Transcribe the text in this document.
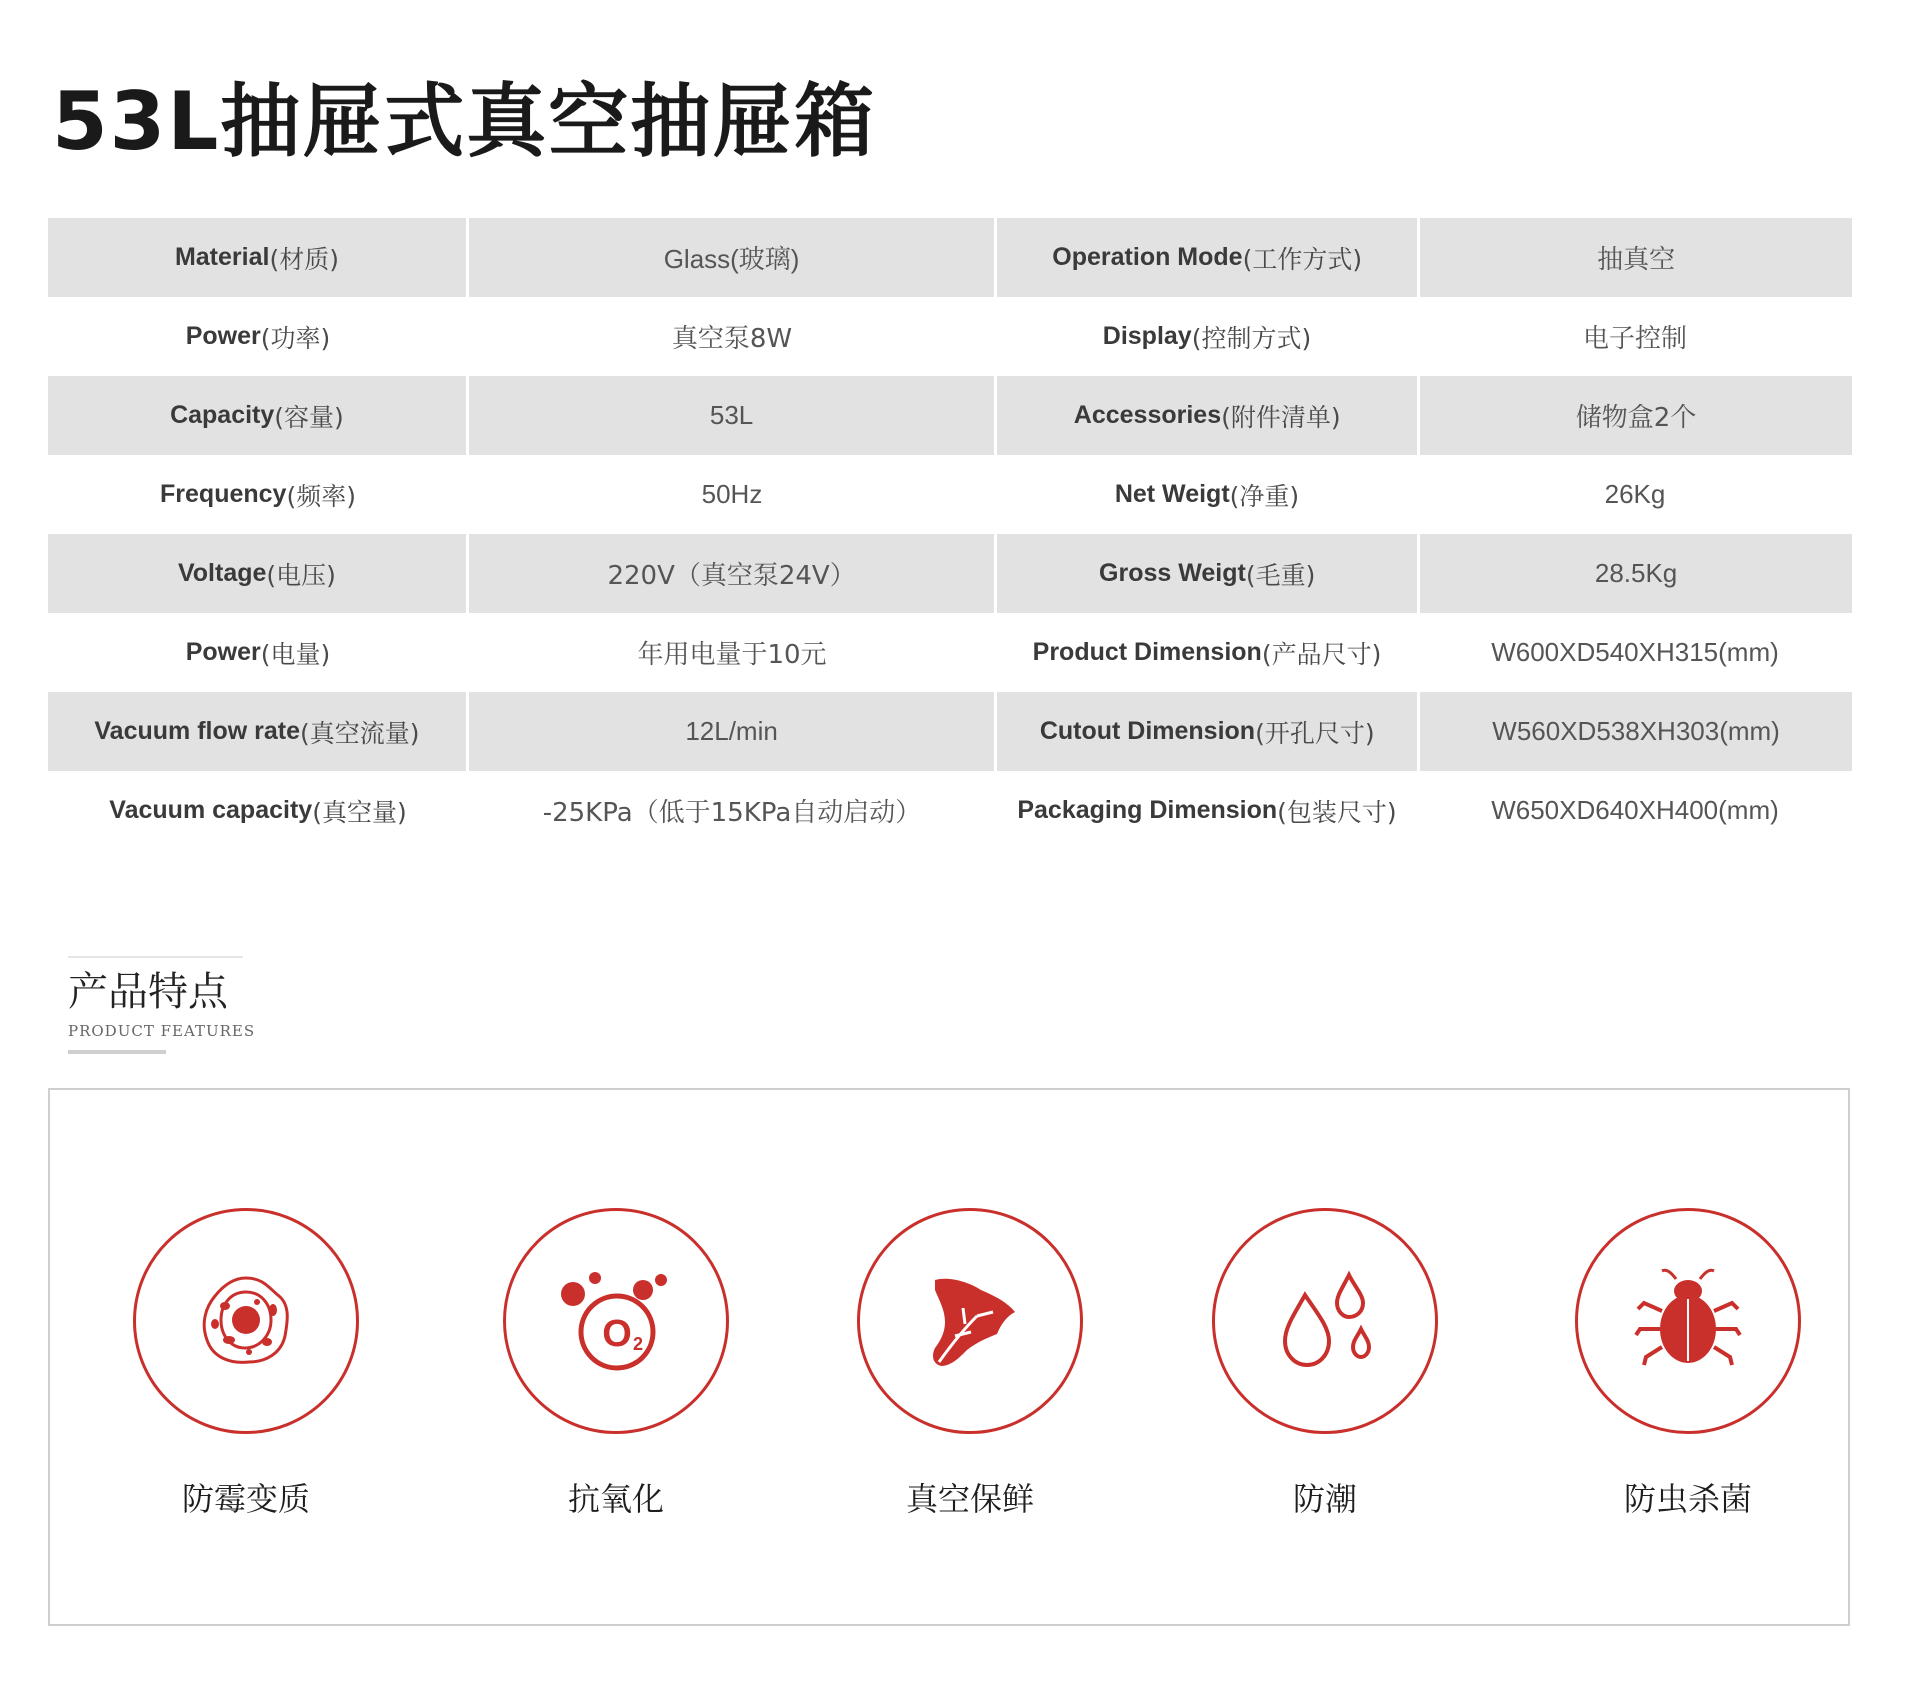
53L抽屉式真空抽屉箱
Material (材质)	Glass(玻璃)	Operation Mode (工作方式)	抽真空
Power (功率)	真空泵8W	Display (控制方式)	电子控制
Capacity (容量)	53L	Accessories (附件清单)	储物盒2个
Frequency (频率)	50Hz	Net Weigt (净重)	26Kg
Voltage (电压)	220V（真空泵24V）	Gross Weigt (毛重)	28.5Kg
Power (电量)	年用电量于10元	Product Dimension (产品尺寸)	W600XD540XH315(mm)
Vacuum flow rate (真空流量)	12L/min	Cutout Dimension (开孔尺寸)	W560XD538XH303(mm)
Vacuum capacity (真空量)	-25KPa（低于15KPa自动启动）	Packaging Dimension (包装尺寸)	W650XD640XH400(mm)
产品特点
PRODUCT FEATURES
防霉变质
O 2
抗氧化	真空保鲜	防潮	防虫杀菌
